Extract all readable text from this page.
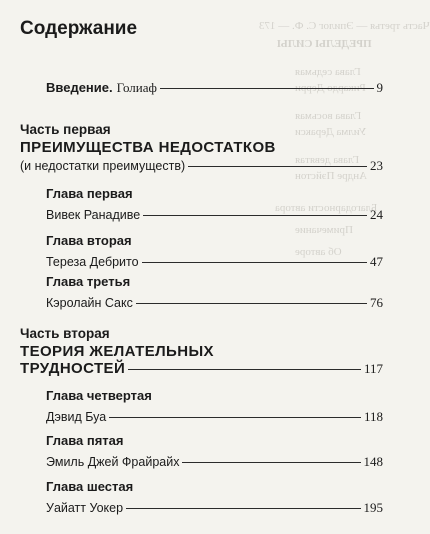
Часть третья — Эпилог С. Ф. — 173
ПРЕДЕЛЫ СИЛЫ
Глава седьмая
Рикардо Дерри
Глава восьмая
Уилма Деракси
Глава девятая
Андре Пэйстон
Благодарности автора
Примечание
Об авторе
Содержание
Введение. Голиаф	9
Часть первая
ПРЕИМУЩЕСТВА НЕДОСТАТКОВ
(и недостатки преимуществ)	23
Глава первая
Вивек Ранадиве	24
Глава вторая
Тереза Дебрито	47
Глава третья
Кэролайн Сакс	76
Часть вторая
ТЕОРИЯ ЖЕЛАТЕЛЬНЫХ
ТРУДНОСТЕЙ	117
Глава четвертая
Дэвид Буа	118
Глава пятая
Эмиль Джей Фрайрайх	148
Глава шестая
Уайатт Уокер	195
